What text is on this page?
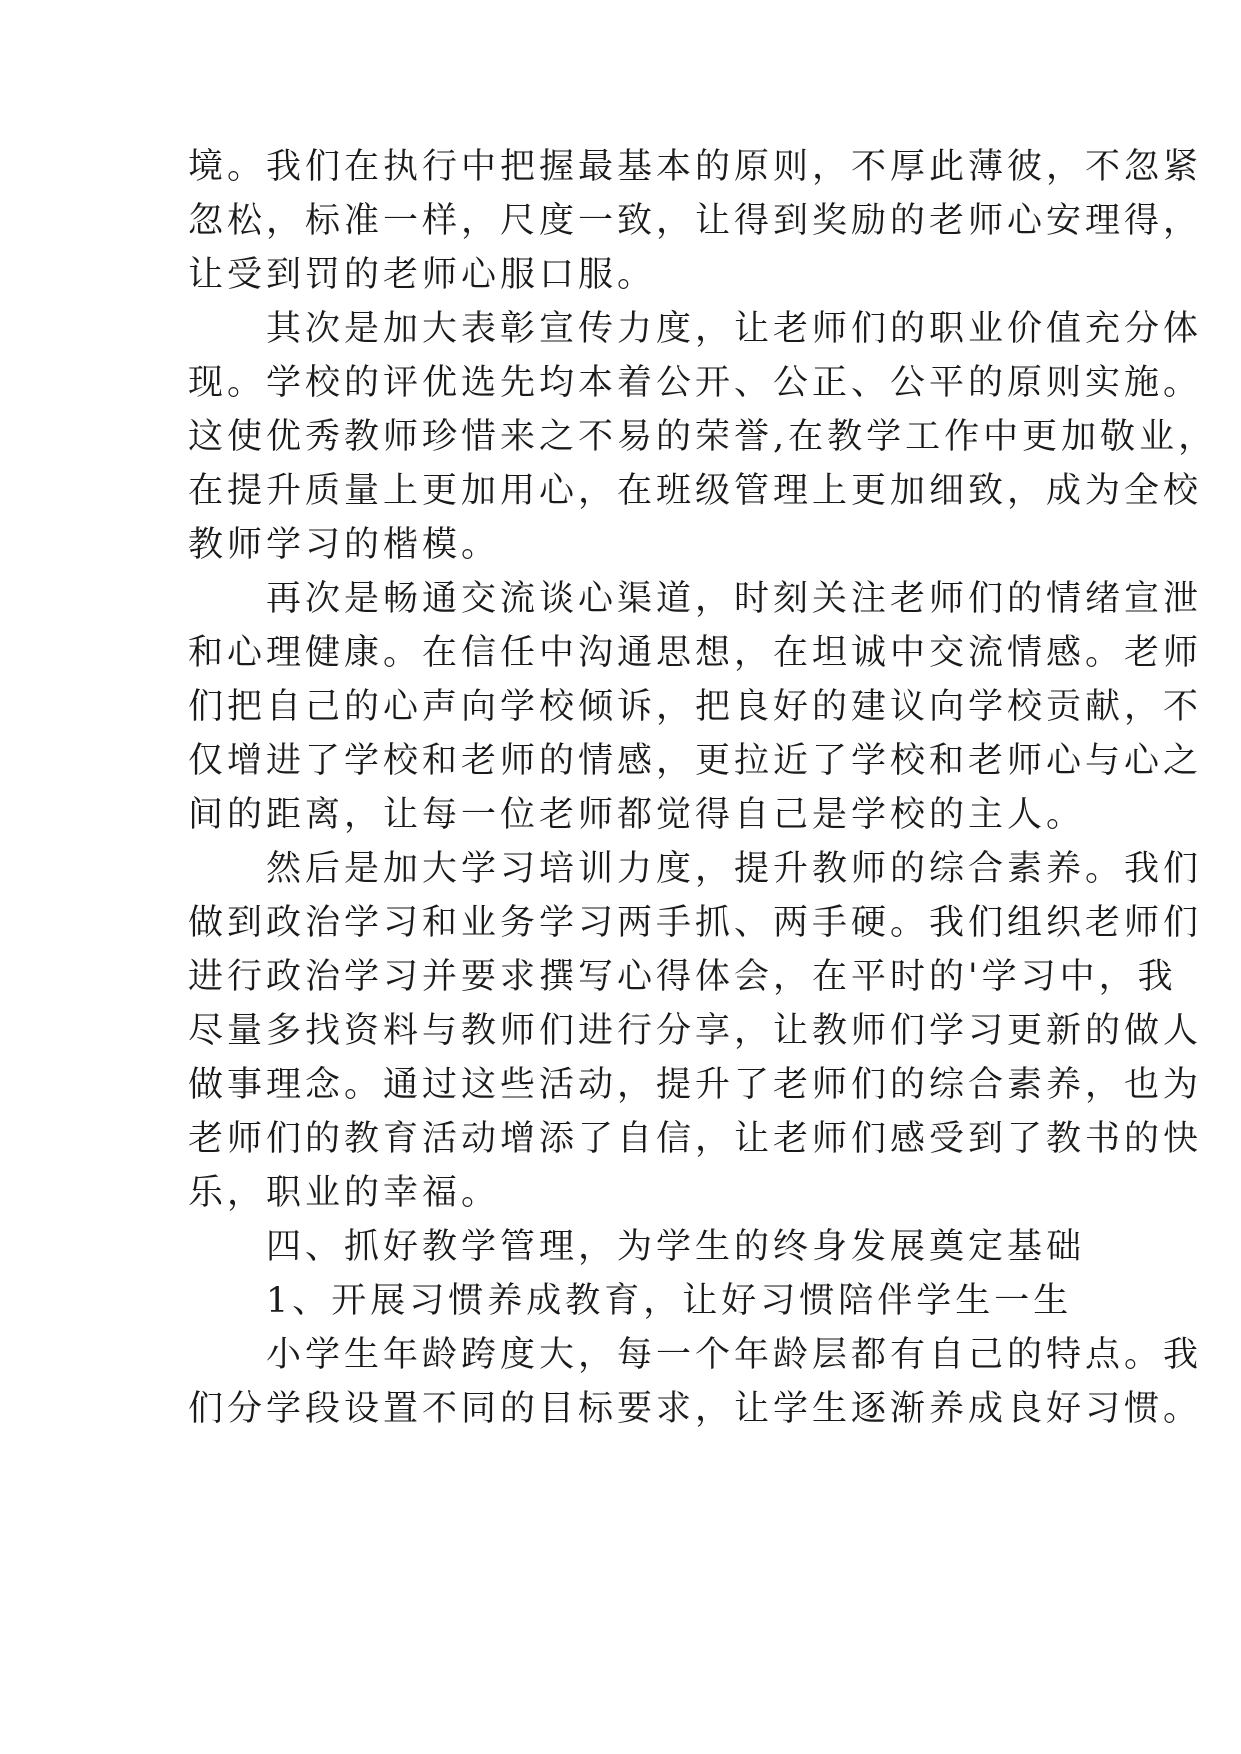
境。我们在执行中把握最基本的原则，不厚此薄彼，不忽紧
忽松，标准一样，尺度一致，让得到奖励的老师心安理得，
让受到罚的老师心服口服。
　　其次是加大表彰宣传力度，让老师们的职业价值充分体
现。学校的评优选先均本着公开、公正、公平的原则实施。
这使优秀教师珍惜来之不易的荣誉,在教学工作中更加敬业，
在提升质量上更加用心，在班级管理上更加细致，成为全校
教师学习的楷模。
　　再次是畅通交流谈心渠道，时刻关注老师们的情绪宣泄
和心理健康。在信任中沟通思想，在坦诚中交流情感。老师
们把自己的心声向学校倾诉，把良好的建议向学校贡献，不
仅增进了学校和老师的情感，更拉近了学校和老师心与心之
间的距离，让每一位老师都觉得自己是学校的主人。
　　然后是加大学习培训力度，提升教师的综合素养。我们
做到政治学习和业务学习两手抓、两手硬。我们组织老师们
进行政治学习并要求撰写心得体会，在平时的'学习中，我
尽量多找资料与教师们进行分享，让教师们学习更新的做人
做事理念。通过这些活动，提升了老师们的综合素养，也为
老师们的教育活动增添了自信，让老师们感受到了教书的快
乐，职业的幸福。
　　四、抓好教学管理，为学生的终身发展奠定基础
　　1、开展习惯养成教育，让好习惯陪伴学生一生
　　小学生年龄跨度大，每一个年龄层都有自己的特点。我
们分学段设置不同的目标要求，让学生逐渐养成良好习惯。
